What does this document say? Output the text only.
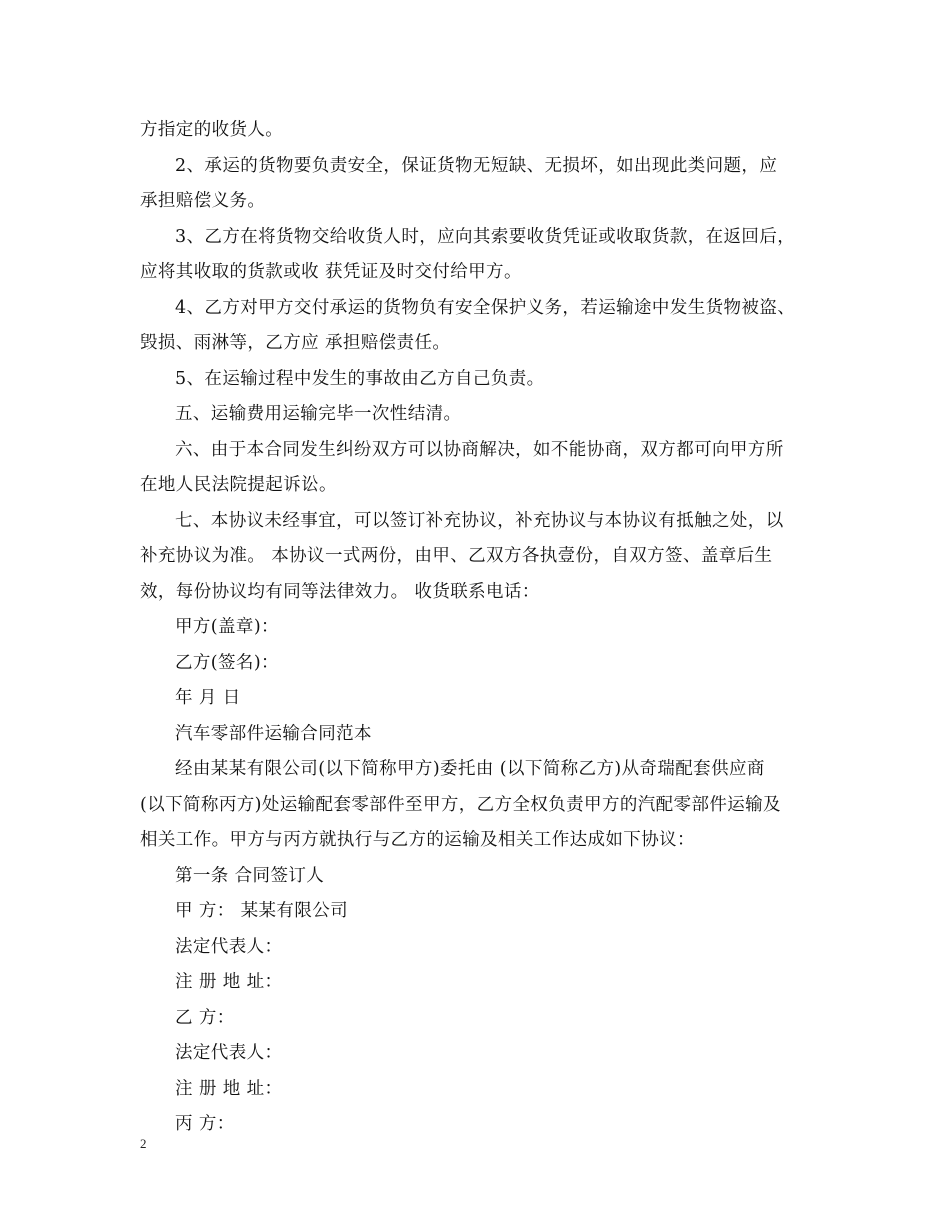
方指定的收货人。
2、承运的货物要负责安全，保证货物无短缺、无损坏，如出现此类问题，应
承担赔偿义务。
3、乙方在将货物交给收货人时，应向其索要收货凭证或收取货款，在返回后，
应将其收取的货款或收 获凭证及时交付给甲方。
4、乙方对甲方交付承运的货物负有安全保护义务，若运输途中发生货物被盗、
毁损、雨淋等，乙方应 承担赔偿责任。
5、在运输过程中发生的事故由乙方自己负责。
五、运输费用运输完毕一次性结清。
六、由于本合同发生纠纷双方可以协商解决，如不能协商，双方都可向甲方所
在地人民法院提起诉讼。
七、本协议未经事宜，可以签订补充协议，补充协议与本协议有抵触之处，以
补充协议为准。 本协议一式两份，由甲、乙双方各执壹份，自双方签、盖章后生
效，每份协议均有同等法律效力。 收货联系电话：
甲方(盖章)：
乙方(签名)：
年 月 日
汽车零部件运输合同范本
经由某某有限公司(以下简称甲方)委托由 (以下简称乙方)从奇瑞配套供应商
(以下简称丙方)处运输配套零部件至甲方，乙方全权负责甲方的汽配零部件运输及
相关工作。甲方与丙方就执行与乙方的运输及相关工作达成如下协议：
第一条 合同签订人
甲 方： 某某有限公司
法定代表人：
注 册 地 址：
乙 方：
法定代表人：
注 册 地 址：
丙 方：
2
